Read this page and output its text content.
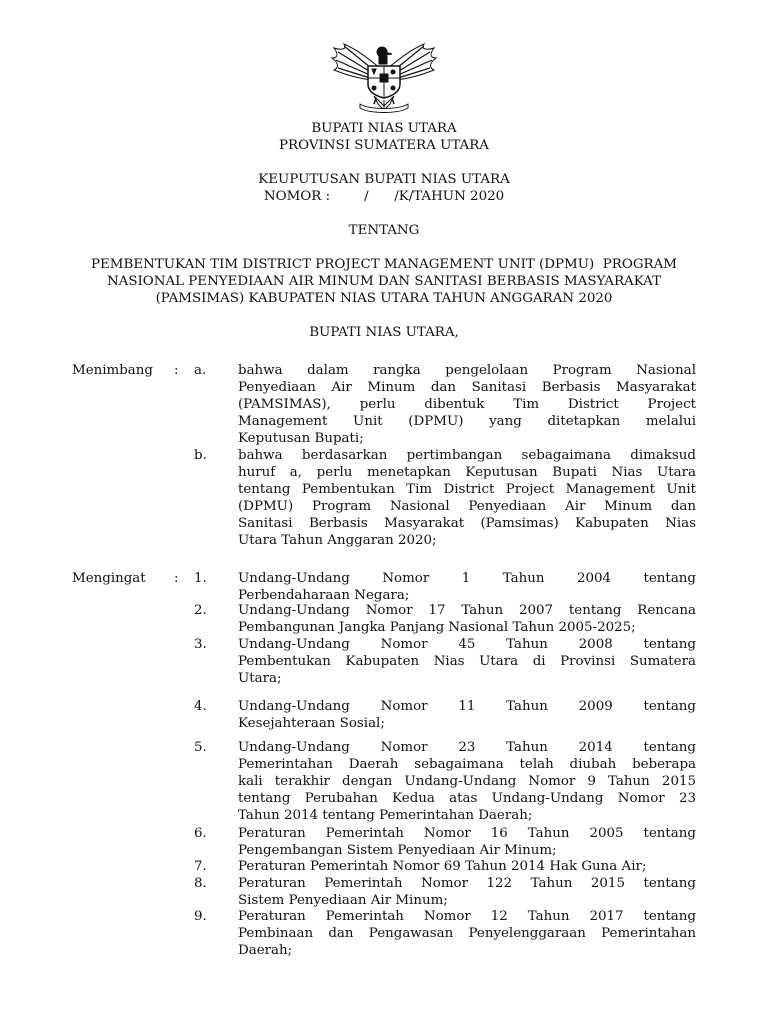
BUPATI NIAS UTARA
PROVINSI SUMATERA UTARA
KEUPUTUSAN BUPATI NIAS UTARA
NOMOR :        /      /K/TAHUN 2020
TENTANG
PEMBENTUKAN TIM DISTRICT PROJECT MANAGEMENT UNIT (DPMU)  PROGRAM
NASIONAL PENYEDIAAN AIR MINUM DAN SANITASI BERBASIS MASYARAKAT
(PAMSIMAS) KABUPATEN NIAS UTARA TAHUN ANGGARAN 2020
BUPATI NIAS UTARA,
Menimbang : a. bahwa dalam rangka pengelolaan Program Nasional
Penyediaan Air Minum dan Sanitasi Berbasis Masyarakat
(PAMSIMAS), perlu dibentuk Tim District Project
Management Unit (DPMU) yang ditetapkan melalui
Keputusan Bupati;
b. bahwa berdasarkan pertimbangan sebagaimana dimaksud
huruf a, perlu menetapkan Keputusan Bupati Nias Utara
tentang Pembentukan Tim District Project Management Unit
(DPMU) Program Nasional Penyediaan Air Minum dan
Sanitasi Berbasis Masyarakat (Pamsimas) Kabupaten Nias
Utara Tahun Anggaran 2020;
Mengingat : 1. Undang-Undang Nomor 1 Tahun 2004 tentang
Perbendaharaan Negara;
2. Undang-Undang Nomor 17 Tahun 2007 tentang Rencana
Pembangunan Jangka Panjang Nasional Tahun 2005-2025;
3. Undang-Undang Nomor 45 Tahun 2008 tentang
Pembentukan Kabupaten Nias Utara di Provinsi Sumatera
Utara;
4. Undang-Undang Nomor 11 Tahun 2009 tentang
Kesejahteraan Sosial;
5. Undang-Undang Nomor 23 Tahun 2014 tentang
Pemerintahan Daerah sebagaimana telah diubah beberapa
kali terakhir dengan Undang-Undang Nomor 9 Tahun 2015
tentang Perubahan Kedua atas Undang-Undang Nomor 23
Tahun 2014 tentang Pemerintahan Daerah;
6. Peraturan Pemerintah Nomor 16 Tahun 2005 tentang
Pengembangan Sistem Penyediaan Air Minum;
7. Peraturan Pemerintah Nomor 69 Tahun 2014 Hak Guna Air;
8. Peraturan Pemerintah Nomor 122 Tahun 2015 tentang
Sistem Penyediaan Air Minum;
9. Peraturan Pemerintah Nomor 12 Tahun 2017 tentang
Pembinaan dan Pengawasan Penyelenggaraan Pemerintahan
Daerah;
